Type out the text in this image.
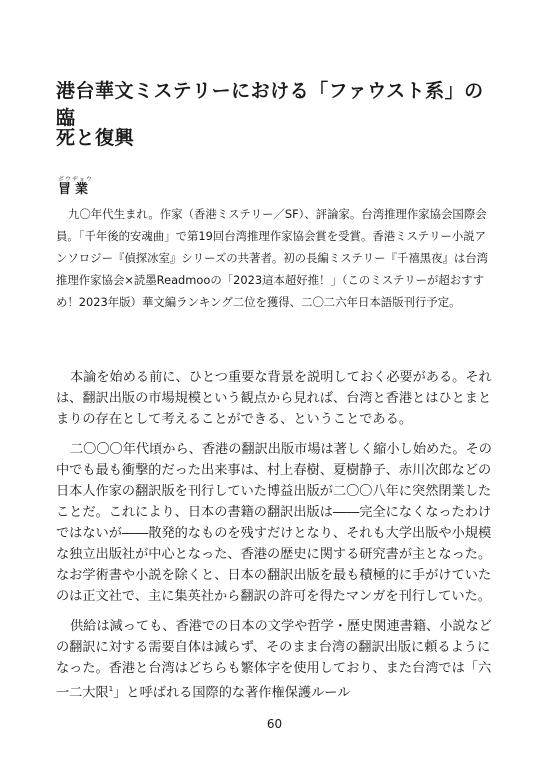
港台華文ミステリーにおける「ファウスト系」の臨
死と復興
ボウヂョウ
冒業

九〇年代生まれ。作家（香港ミステリー／SF）、評論家。台湾推理作家協会国際会員。「千年後的安魂曲」で第19回台湾推理作家協会賞を受賞。香港ミステリー小説アンソロジー『偵探冰室』シリーズの共著者。初の長編ミステリー『千禧黒夜』は台湾推理作家協会×読墨Readmooの「2023這本超好推！」（このミステリーが超おすすめ！2023年版）華文編ランキング二位を獲得、二〇二六年日本語版刊行予定。

本論を始める前に、ひとつ重要な背景を説明しておく必要がある。それは、翻訳出版の市場規模という観点から見れば、台湾と香港とはひとまとまりの存在として考えることができる、ということである。

二〇〇〇年代頃から、香港の翻訳出版市場は著しく縮小し始めた。その中でも最も衝撃的だった出来事は、村上春樹、夏樹静子、赤川次郎などの日本人作家の翻訳版を刊行していた博益出版が二〇〇八年に突然閉業したことだ。これにより、日本の書籍の翻訳出版は――完全になくなったわけではないが――散発的なものを残すだけとなり、それも大学出版や小規模な独立出版社が中心となった、香港の歴史に関する研究書が主となった。なお学術書や小説を除くと、日本の翻訳出版を最も積極的に手がけていたのは正文社で、主に集英社から翻訳の許可を得たマンガを刊行していた。

供給は減っても、香港での日本の文学や哲学・歴史関連書籍、小説などの翻訳に対する需要自体は減らず、そのまま台湾の翻訳出版に頼るようになった。香港と台湾はどちらも繁体字を使用しており、また台湾では「六一二大限$^1$」と呼ばれる国際的な著作権保護ルール

60
